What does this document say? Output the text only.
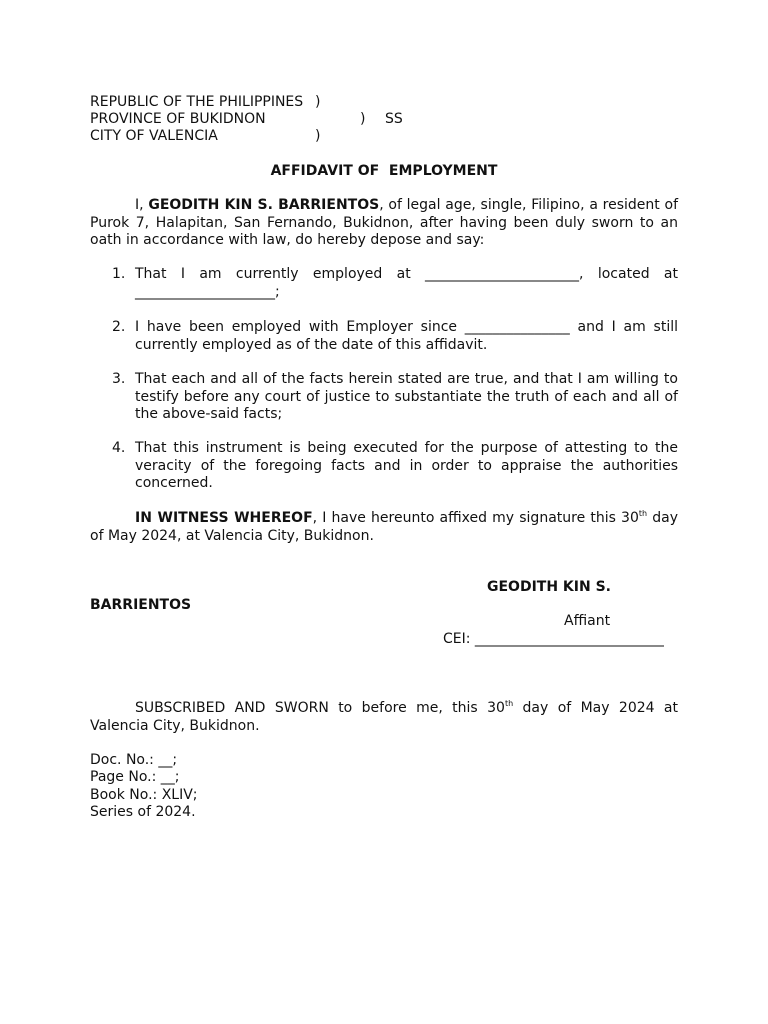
REPUBLIC OF THE PHILIPPINES )
PROVINCE OF BUKIDNON	) SS
CITY OF VALENCIA	)
AFFIDAVIT OF  EMPLOYMENT
I, GEODITH KIN S. BARRIENTOS, of legal age, single, Filipino, a resident of Purok 7, Halapitan, San Fernando, Bukidnon, after having been duly sworn to an oath in accordance with law, do hereby depose and say:
1. That I am currently employed at ______________________, located at ____________________;
2. I have been employed with Employer since _______________ and I am still currently employed as of the date of this affidavit.
3. That each and all of the facts herein stated are true, and that I am willing to testify before any court of justice to substantiate the truth of each and all of the above-said facts;
4. That this instrument is being executed for the purpose of attesting to the veracity of the foregoing facts and in order to appraise the authorities concerned.
IN WITNESS WHEREOF, I have hereunto affixed my signature this 30th day of May 2024, at Valencia City, Bukidnon.
GEODITH KIN S.
BARRIENTOS
Affiant
CEI: ___________________________
SUBSCRIBED AND SWORN to before me, this 30th day of May 2024 at Valencia City, Bukidnon.
Doc. No.: __;
Page No.: __;
Book No.: XLIV;
Series of 2024.
